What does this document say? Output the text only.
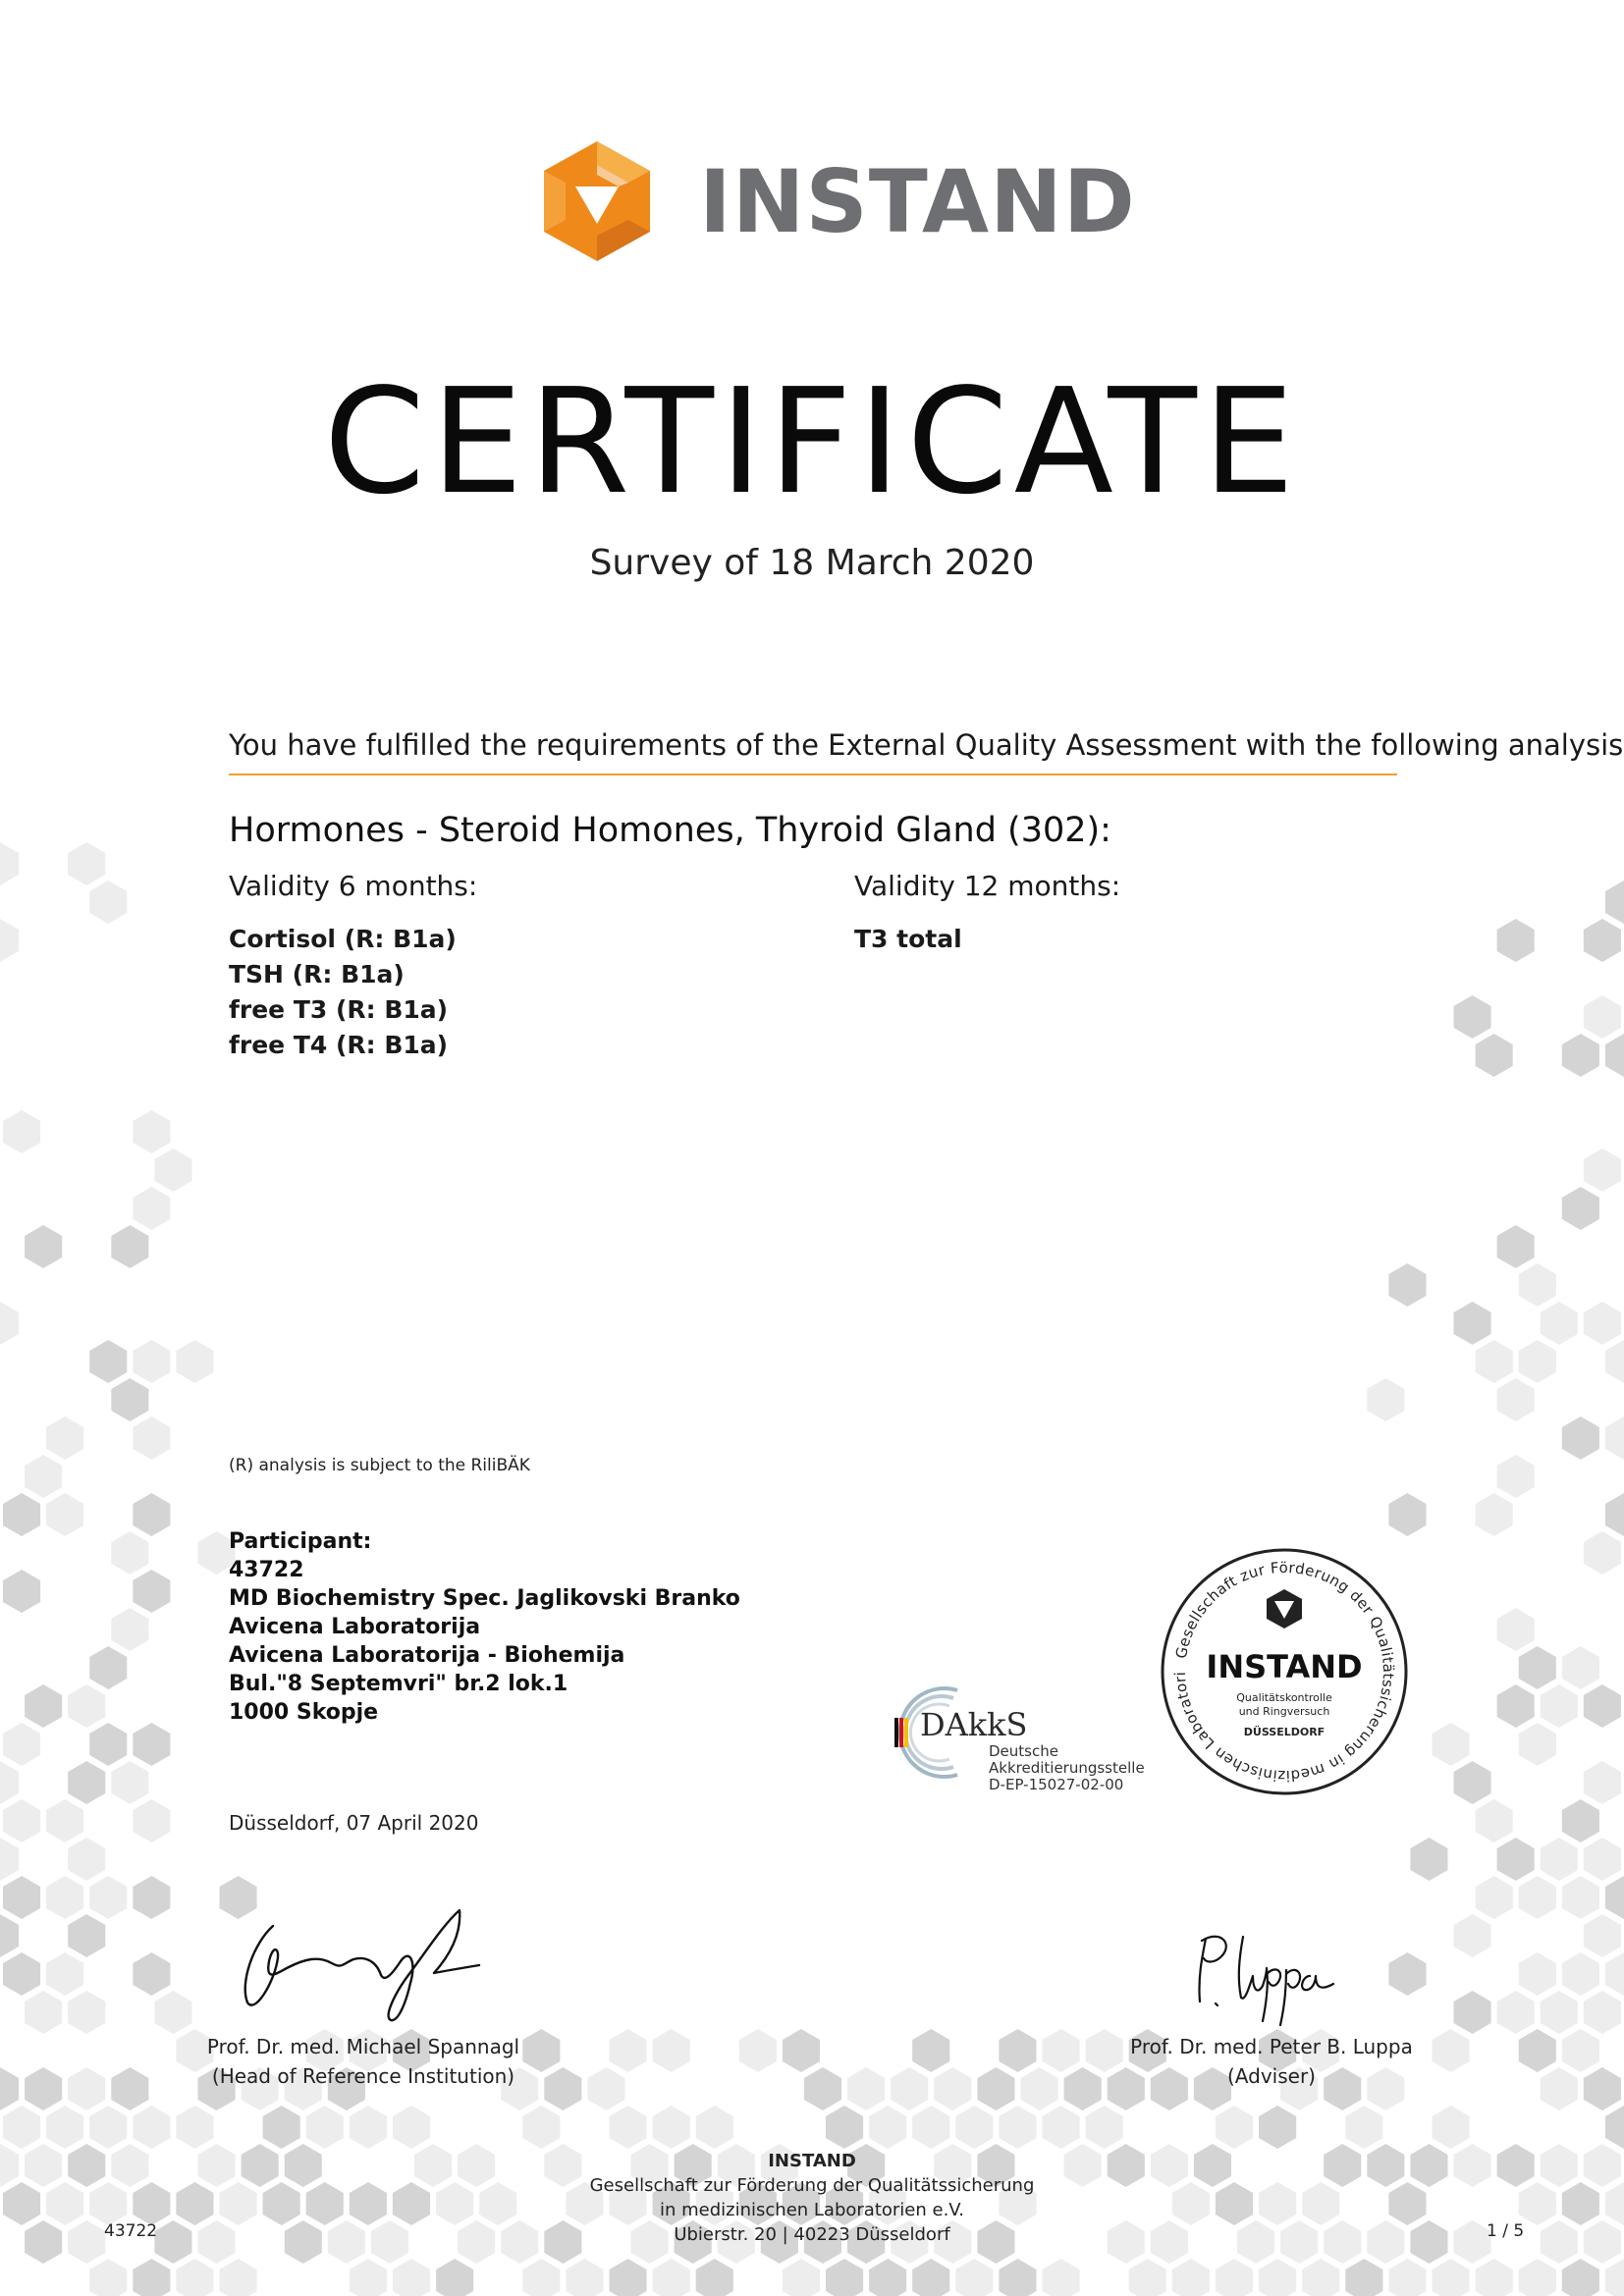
INSTAND
CERTIFICATE
Survey of 18 March 2020
You have fulfilled the requirements of the External Quality Assessment with the following analysis
Hormones - Steroid Homones, Thyroid Gland (302):
Validity 6 months:
Cortisol (R: B1a)
TSH (R: B1a)
free T3 (R: B1a)
free T4 (R: B1a)
Validity 12 months:
T3 total
(R) analysis is subject to the RiliBÄK
Participant:
43722
MD Biochemistry Spec. Jaglikovski Branko
Avicena Laboratorija
Avicena Laboratorija - Biohemija
Bul."8 Septemvri" br.2 lok.1
1000 Skopje	DAkkS
Deutsche
Akkreditierungsstelle
D-EP-15027-02-00
Gesellschaft zur Förderung der Qualitätssicherung in medizinischen Laboratori INSTAND
Qualitätskontrolle
und Ringversuch
DÜSSELDORF
Düsseldorf, 07 April 2020
Prof. Dr. med. Michael Spannagl
(Head of Reference Institution)
Prof. Dr. med. Peter B. Luppa
(Adviser)
INSTAND
Gesellschaft zur Förderung der Qualitätssicherung
in medizinischen Laboratorien e.V.
Ubierstr. 20 | 40223 Düsseldorf
43722	1 / 5
